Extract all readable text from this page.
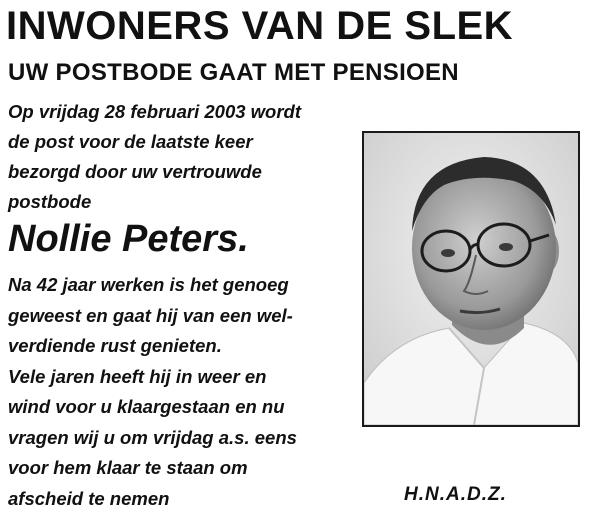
INWONERS VAN DE SLEK
UW POSTBODE GAAT MET PENSIOEN
Op vrijdag 28 februari 2003 wordt
de post voor de laatste keer
bezorgd door uw vertrouwde
postbode
Nollie Peters.
Na 42 jaar werken is het genoeg
geweest en gaat hij van een wel-
verdiende rust genieten.
Vele jaren heeft hij in weer en
wind voor u klaargestaan en nu
vragen wij u om vrijdag a.s. eens
voor hem klaar te staan om
afscheid te nemen	H.N.A.D.Z.
